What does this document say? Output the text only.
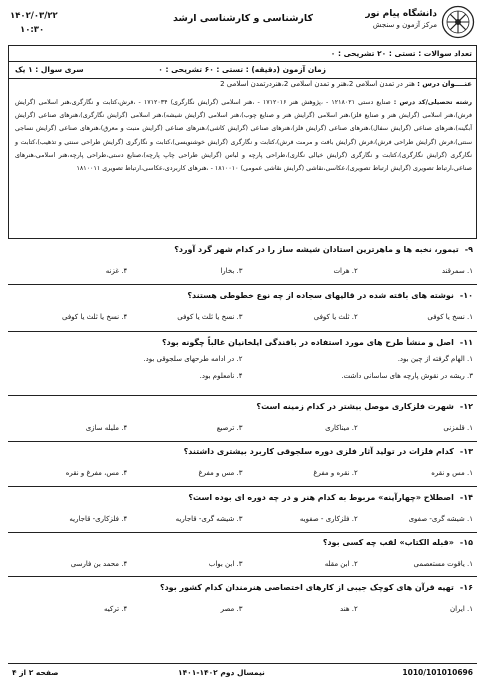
دانشگاه پیام نور
مرکز آزمون و سنجش
کارشناسی و کارشناسی ارشد
۱۴۰۲/۰۳/۲۲
۱۰:۳۰
تعداد سوالات : تستی : ۲۰ تشریحی : ۰
زمان آزمون (دقیقه) : تستی : ۶۰ تشریحی : ۰
سری سوال : ۱ یک
عنــــوان درس : هنر در تمدن اسلامی 2،هنر و تمدن اسلامی 2،هنردرتمدن اسلامی 2
رشته تحصیلی/کد درس : صنایع دستی ۱۲۱۸۰۲۱ - ،پژوهش هنر ۱۷۱۲۰۱۶ - ،هنر اسلامی (گرایش نگارگری) ۱۷۱۲۰۳۴ - ،فرش،کتابت و نگارگری،هنر اسلامی (گرایش فرش)،هنر اسلامی (گرایش هنر و صنایع فلز)،هنر اسلامی (گرایش هنر و صنایع چوب)،هنر اسلامی (گرایش شیشه)،هنر اسلامی (گرایش نگارگری)،هنرهای صناعی (گرایش آبگینه)،هنرهای صناعی (گرایش سفال)،هنرهای صناعی (گرایش فلز)،هنرهای صناعی (گرایش کاشی)،هنرهای صناعی (گرایش منبت و معرق)،هنرهای صناعی (گرایش نساجی سنتی)،فرش (گرایش طراحی فرش)،فرش (گرایش بافت و مرمت فرش)،کتابت و نگارگری (گرایش خوشنویسی)،کتابت و نگارگری (گرایش طراحی سنتی و تذهیب)،کتابت و نگارگری (گرایش نگارگری)،کتابت و نگارگری (گرایش خیالی نگاری)،طراحی پارچه و لباس (گرایش طراحی چاپ پارچه)،صنایع دستی،طراحی پارچه،هنر اسلامی،هنرهای صناعی،ارتباط تصویری (گرایش ارتباط تصویری)،عکاسی،نقاشی (گرایش نقاشی عمومی) ۱۸۱۰۰۱۰ - ،هنرهای کاربردی،عکاسی،ارتباط تصویری ۱۸۱۰۰۱۱
۹-تیمور، نخبه ها و ماهرترین استادان شیشه ساز را در کدام شهر گرد آورد؟
۱. سمرقند
۲. هرات
۳. بخارا
۴. غزنه
۱۰-نوشته های بافته شده در قالیهای سجاده از چه نوع خطوطی هستند؟
۱. نسخ یا کوفی
۲. ثلث یا کوفی
۳. نسخ یا ثلث یا کوفی
۴. نسخ یا ثلث یا کوفی
۱۱-اصل و منشأ طرح های مورد استفاده در بافندگی ایلخانیان غالباً چگونه بود؟
۱. الهام گرفته از چین بود.
۲. در ادامه طرحهای سلجوقی بود.
۳. ریشه در نقوش پارچه های ساسانی داشت.
۴. نامعلوم بود.
۱۲-شهرت فلزکاری موصل بیشتر در کدام زمینه است؟
۱. قلمزنی
۲. میناکاری
۳. ترصیع
۴. ملیله سازی
۱۳-کدام فلزات در تولید آثار فلزی دوره سلجوقی کاربرد بیشتری داشتند؟
۱. مس و نقره
۲. نقره و مفرغ
۳. مس و مفرغ
۴. مس، مفرغ و نقره
۱۴-اصطلاح «چهارآینه» مربوط به کدام هنر و در چه دوره ای بوده است؟
۱. شیشه گری- صفوی
۲. فلزکاری - صفویه
۳. شیشه گری- قاجاریه
۴. فلزکاری- قاجاریه
۱۵-«قبله الکتاب» لقب چه کسی بود؟
۱. یاقوت مستعصمی
۲. ابن مقله
۳. ابن بواب
۴. محمد بن فارسی
۱۶-تهیه قرآن های کوچک جیبی از کارهای اختصاصی هنرمندان کدام کشور بود؟
۱. ایران
۲. هند
۳. مصر
۴. ترکیه
صفحه ۲ از ۴	نیمسال دوم ۱۴۰۲-۱۴۰۱	1010/101010696
